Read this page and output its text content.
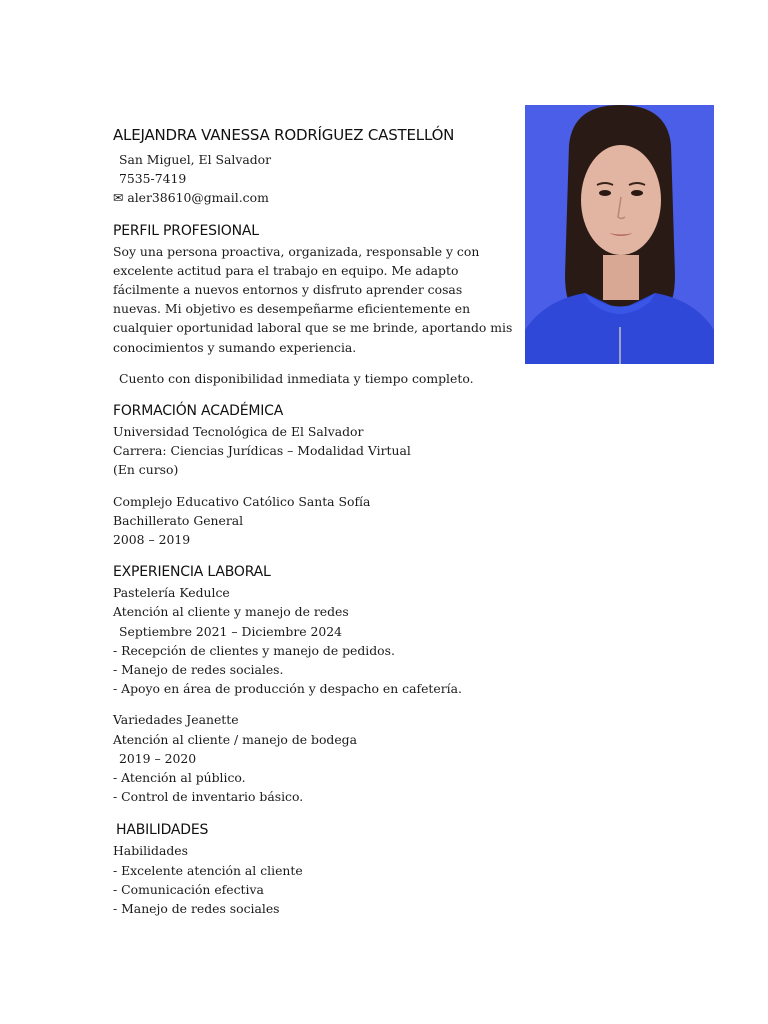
ALEJANDRA VANESSA RODRÍGUEZ CASTELLÓN
San Miguel, El Salvador
7535-7419
✉ aler38610@gmail.com
PERFIL PROFESIONAL

Soy una persona proactiva, organizada, responsable y con excelente actitud para el trabajo en equipo. Me adapto fácilmente a nuevos entornos y disfruto aprender cosas nuevas. Mi objetivo es desempeñarme eficientemente en cualquier oportunidad laboral que se me brinde, aportando mis conocimientos y sumando experiencia.

Cuento con disponibilidad inmediata y tiempo completo.
FORMACIÓN ACADÉMICA
Universidad Tecnológica de El Salvador
Carrera: Ciencias Jurídicas – Modalidad Virtual
(En curso)
Complejo Educativo Católico Santa Sofía
Bachillerato General
2008 – 2019
EXPERIENCIA LABORAL
Pastelería Kedulce
Atención al cliente y manejo de redes
Septiembre 2021 – Diciembre 2024
- Recepción de clientes y manejo de pedidos.
- Manejo de redes sociales.
- Apoyo en área de producción y despacho en cafetería.
Variedades Jeanette
Atención al cliente / manejo de bodega
2019 – 2020
- Atención al público.
- Control de inventario básico.
HABILIDADES
Habilidades
- Excelente atención al cliente
- Comunicación efectiva
- Manejo de redes sociales
